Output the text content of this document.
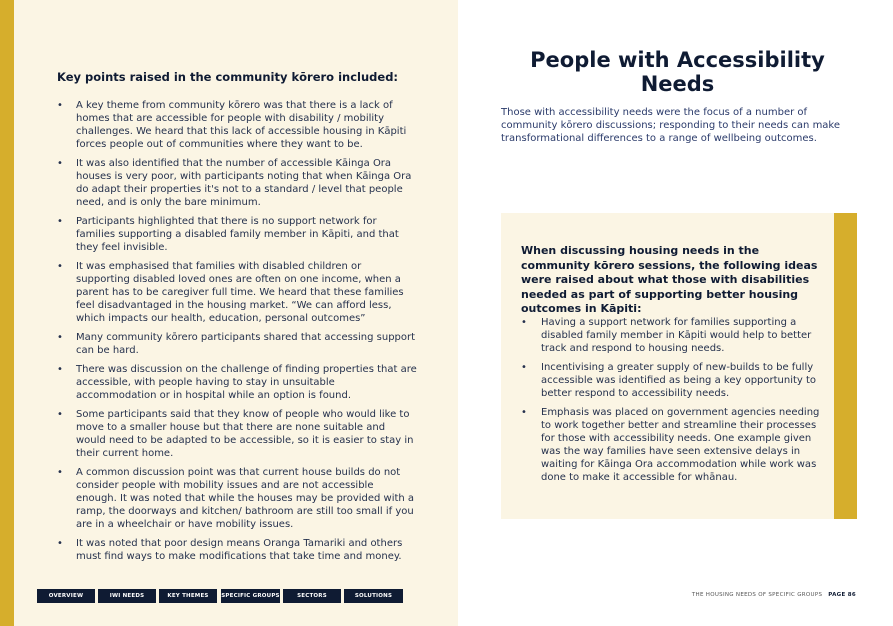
Key points raised in the community kōrero included:
• A key theme from community kōrero was that there is a lack of homes that are accessible for people with disability / mobility challenges. We heard that this lack of accessible housing in Kāpiti forces people out of communities where they want to be.
• It was also identified that the number of accessible Kāinga Ora houses is very poor, with participants noting that when Kāinga Ora do adapt their properties it's not to a standard / level that people need, and is only the bare minimum.
• Participants highlighted that there is no support network for families supporting a disabled family member in Kāpiti, and that they feel invisible.
• It was emphasised that families with disabled children or supporting disabled loved ones are often on one income, when a parent has to be caregiver full time. We heard that these families feel disadvantaged in the housing market. “We can afford less, which impacts our health, education, personal outcomes”
• Many community kōrero participants shared that accessing support can be hard.
• There was discussion on the challenge of finding properties that are accessible, with people having to stay in unsuitable accommodation or in hospital while an option is found.
• Some participants said that they know of people who would like to move to a smaller house but that there are none suitable and would need to be adapted to be accessible, so it is easier to stay in their current home.
• A common discussion point was that current house builds do not consider people with mobility issues and are not accessible enough. It was noted that while the houses may be provided with a ramp, the doorways and kitchen/ bathroom are still too small if you are in a wheelchair or have mobility issues.
• It was noted that poor design means Oranga Tamariki and others must find ways to make modifications that take time and money.
OVERVIEW	IWI NEEDS	KEY THEMES	SPECIFIC GROUPS	SECTORS	SOLUTIONS
People with Accessibility Needs
Those with accessibility needs were the focus of a number of community kōrero discussions; responding to their needs can make transformational differences to a range of wellbeing outcomes.
When discussing housing needs in the community kōrero sessions, the following ideas were raised about what those with disabilities needed as part of supporting better housing outcomes in Kāpiti:
• Having a support network for families supporting a disabled family member in Kāpiti would help to better track and respond to housing needs.
• Incentivising a greater supply of new-builds to be fully accessible was identified as being a key opportunity to better respond to accessibility needs.
• Emphasis was placed on government agencies needing to work together better and streamline their processes for those with accessibility needs. One example given was the way families have seen extensive delays in waiting for Kāinga Ora accommodation while work was done to make it accessible for whānau.
THE HOUSING NEEDS OF SPECIFIC GROUPS PAGE 86
